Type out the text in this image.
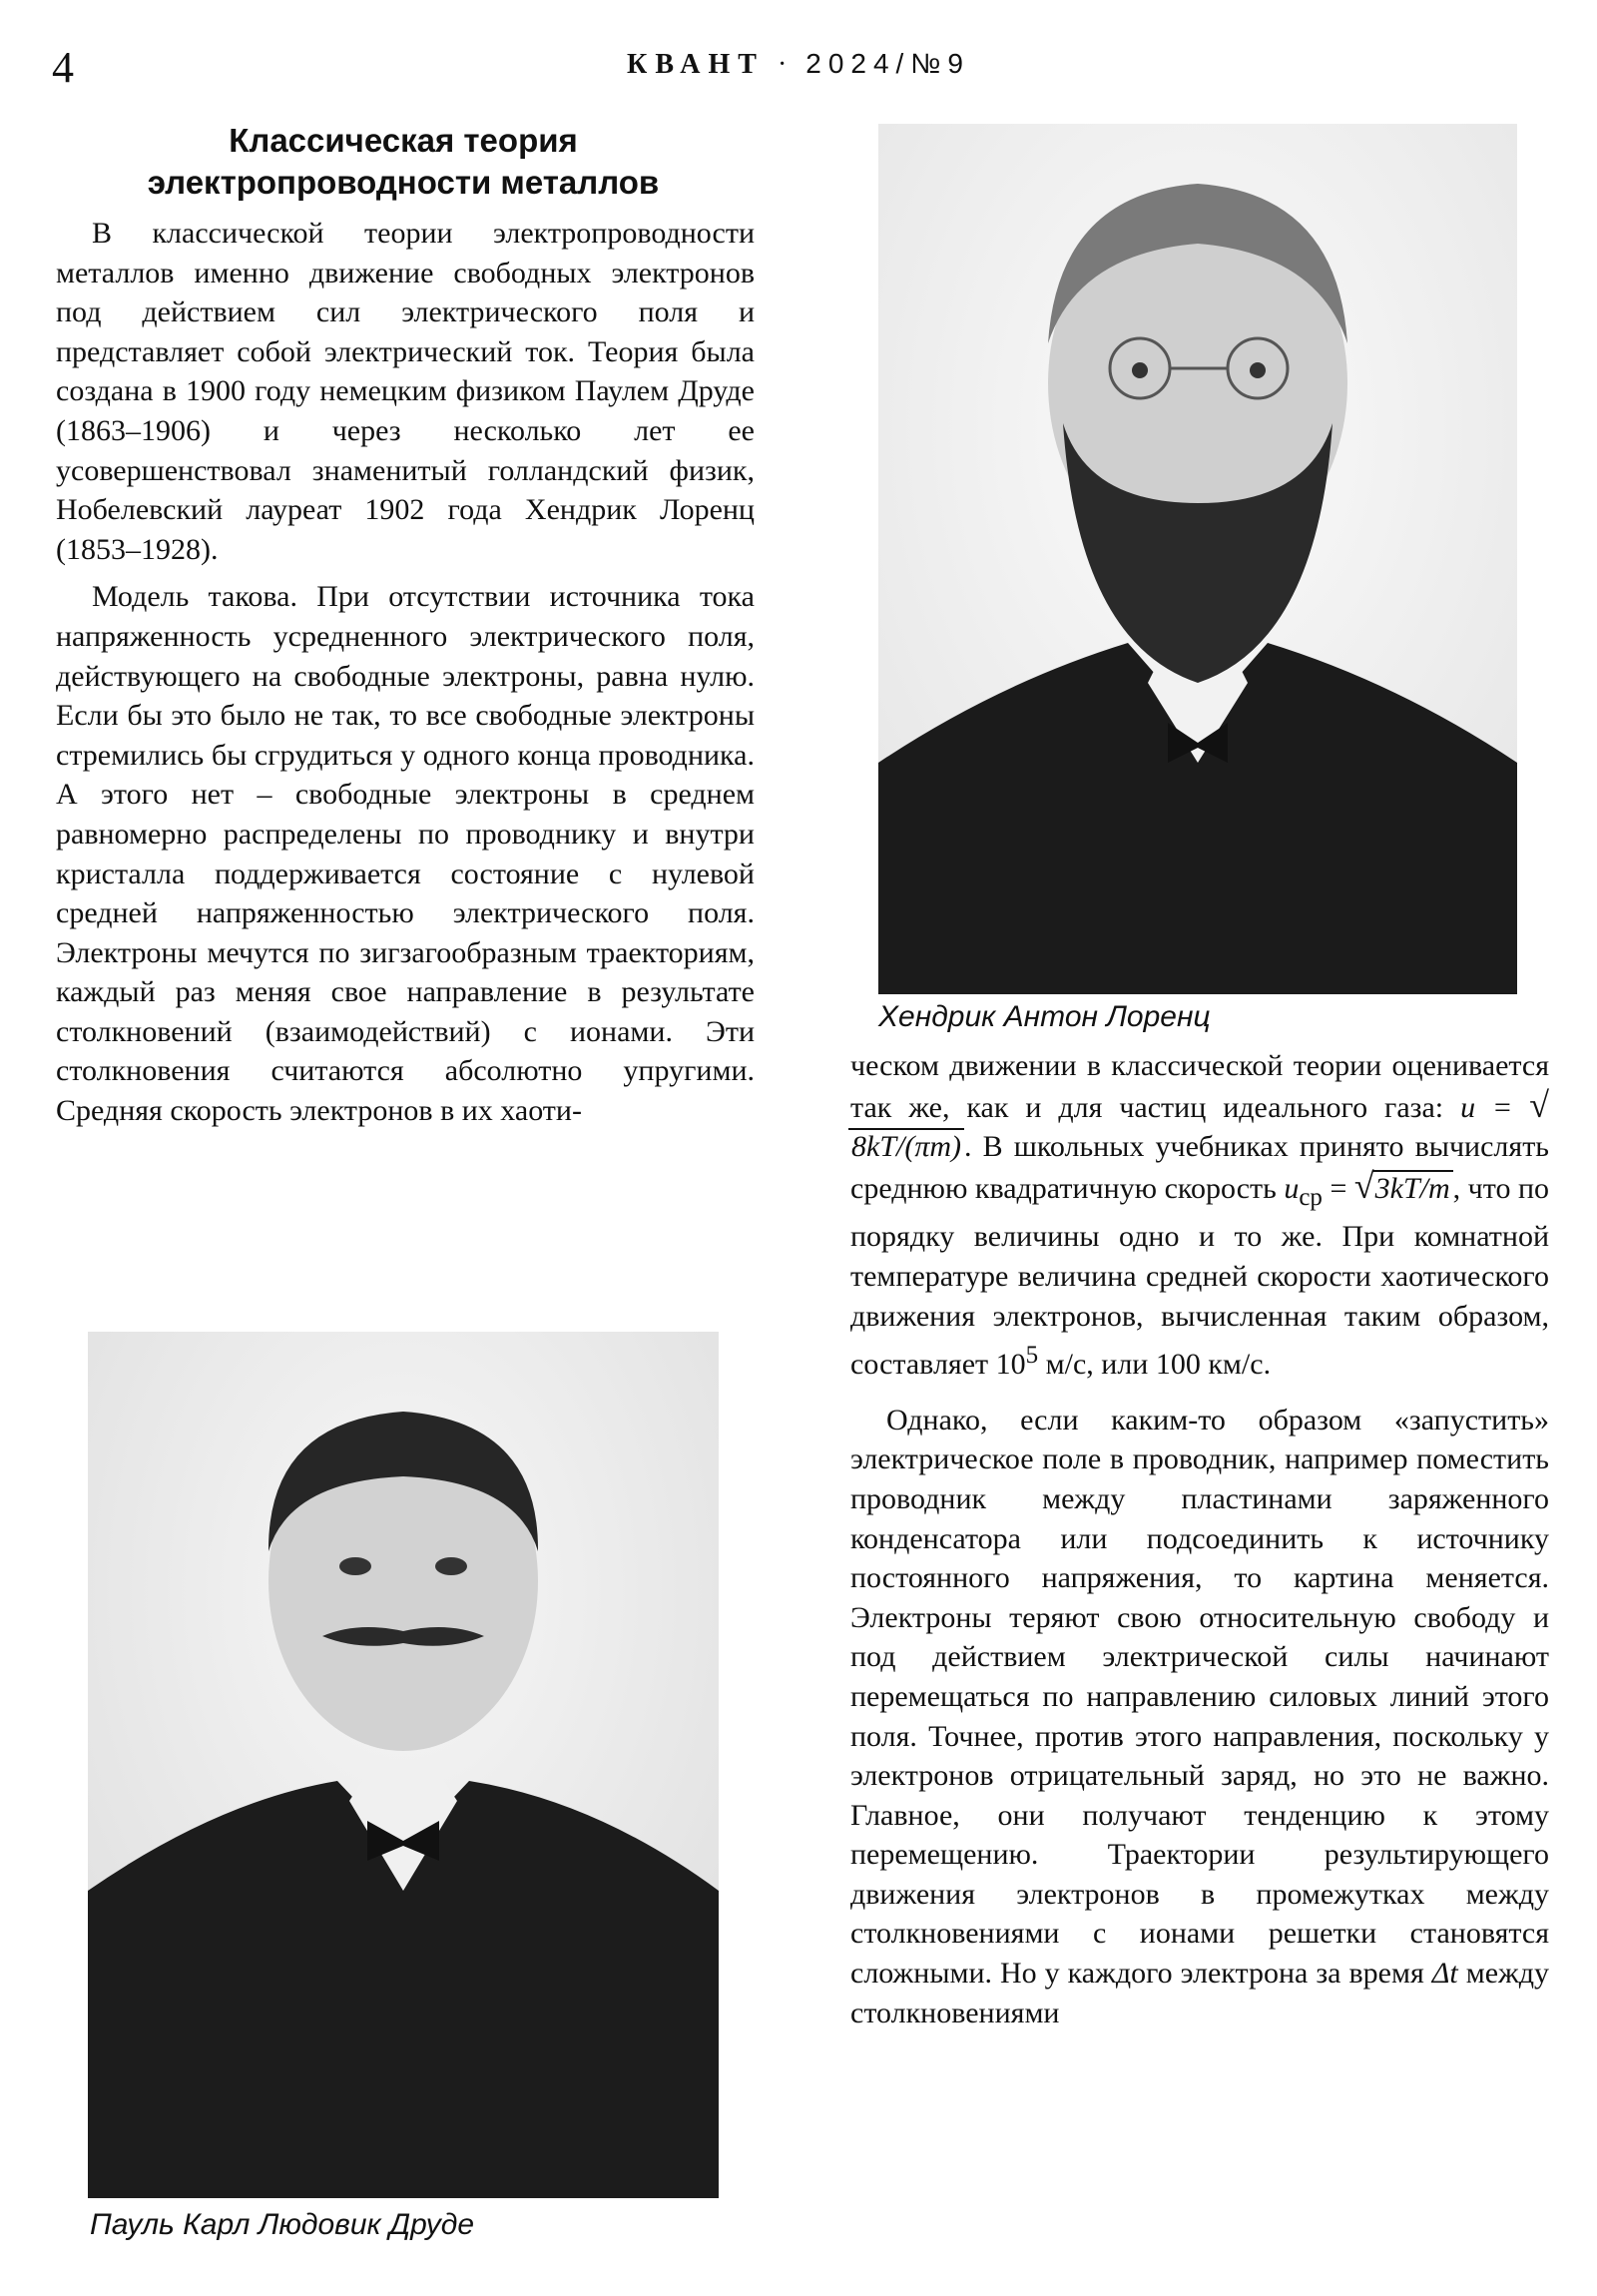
4	КВАНТ · 2024/№9
Классическая теория
электропроводности металлов

В классической теории электропроводности металлов именно движение свободных электронов под действием сил электрического поля и представляет собой электрический ток. Теория была создана в 1900 году немецким физиком Паулем Друде (1863–1906) и через несколько лет ее усовершенствовал знаменитый голландский физик, Нобелевский лауреат 1902 года Хендрик Лоренц (1853–1928).

Модель такова. При отсутствии источника тока напряженность усредненного электрического поля, действующего на свободные электроны, равна нулю. Если бы это было не так, то все свободные электроны стремились бы сгрудиться у одного конца проводника. А этого нет – свободные электроны в среднем равномерно распределены по проводнику и внутри кристалла поддерживается состояние с нулевой средней напряженностью электрического поля. Электроны мечутся по зигзагообразным траекториям, каждый раз меняя свое направление в результате столкновений (взаимодействий) с ионами. Эти столкновения считаются абсолютно упругими. Средняя скорость электронов в их хаоти-

Хендрик Антон Лоренц
Пауль Карл Людовик Друде

ческом движении в классической теории оценивается так же, как и для частиц идеального газа: u = √8kT/(πm) . В школьных учебниках принято вычислять среднюю квадратичную скорость $u_{ср} = √3kT/m$ , что по порядку величины одно и то же. При комнатной температуре величина средней скорости хаотического движения электронов, вычисленная таким образом, составляет $10^5$ м/с, или 100 км/с.

Однако, если каким-то образом «запустить» электрическое поле в проводник, например поместить проводник между пластинами заряженного конденсатора или подсоединить к источнику постоянного напряжения, то картина меняется. Электроны теряют свою относительную свободу и под действием электрической силы начинают перемещаться по направлению силовых линий этого поля. Точнее, против этого направления, поскольку у электронов отрицательный заряд, но это не важно. Главное, они получают тенденцию к этому перемещению. Траектории результирующего движения электронов в промежутках между столкновениями с ионами решетки становятся сложными. Но у каждого электрона за время Δt между столкновениями
